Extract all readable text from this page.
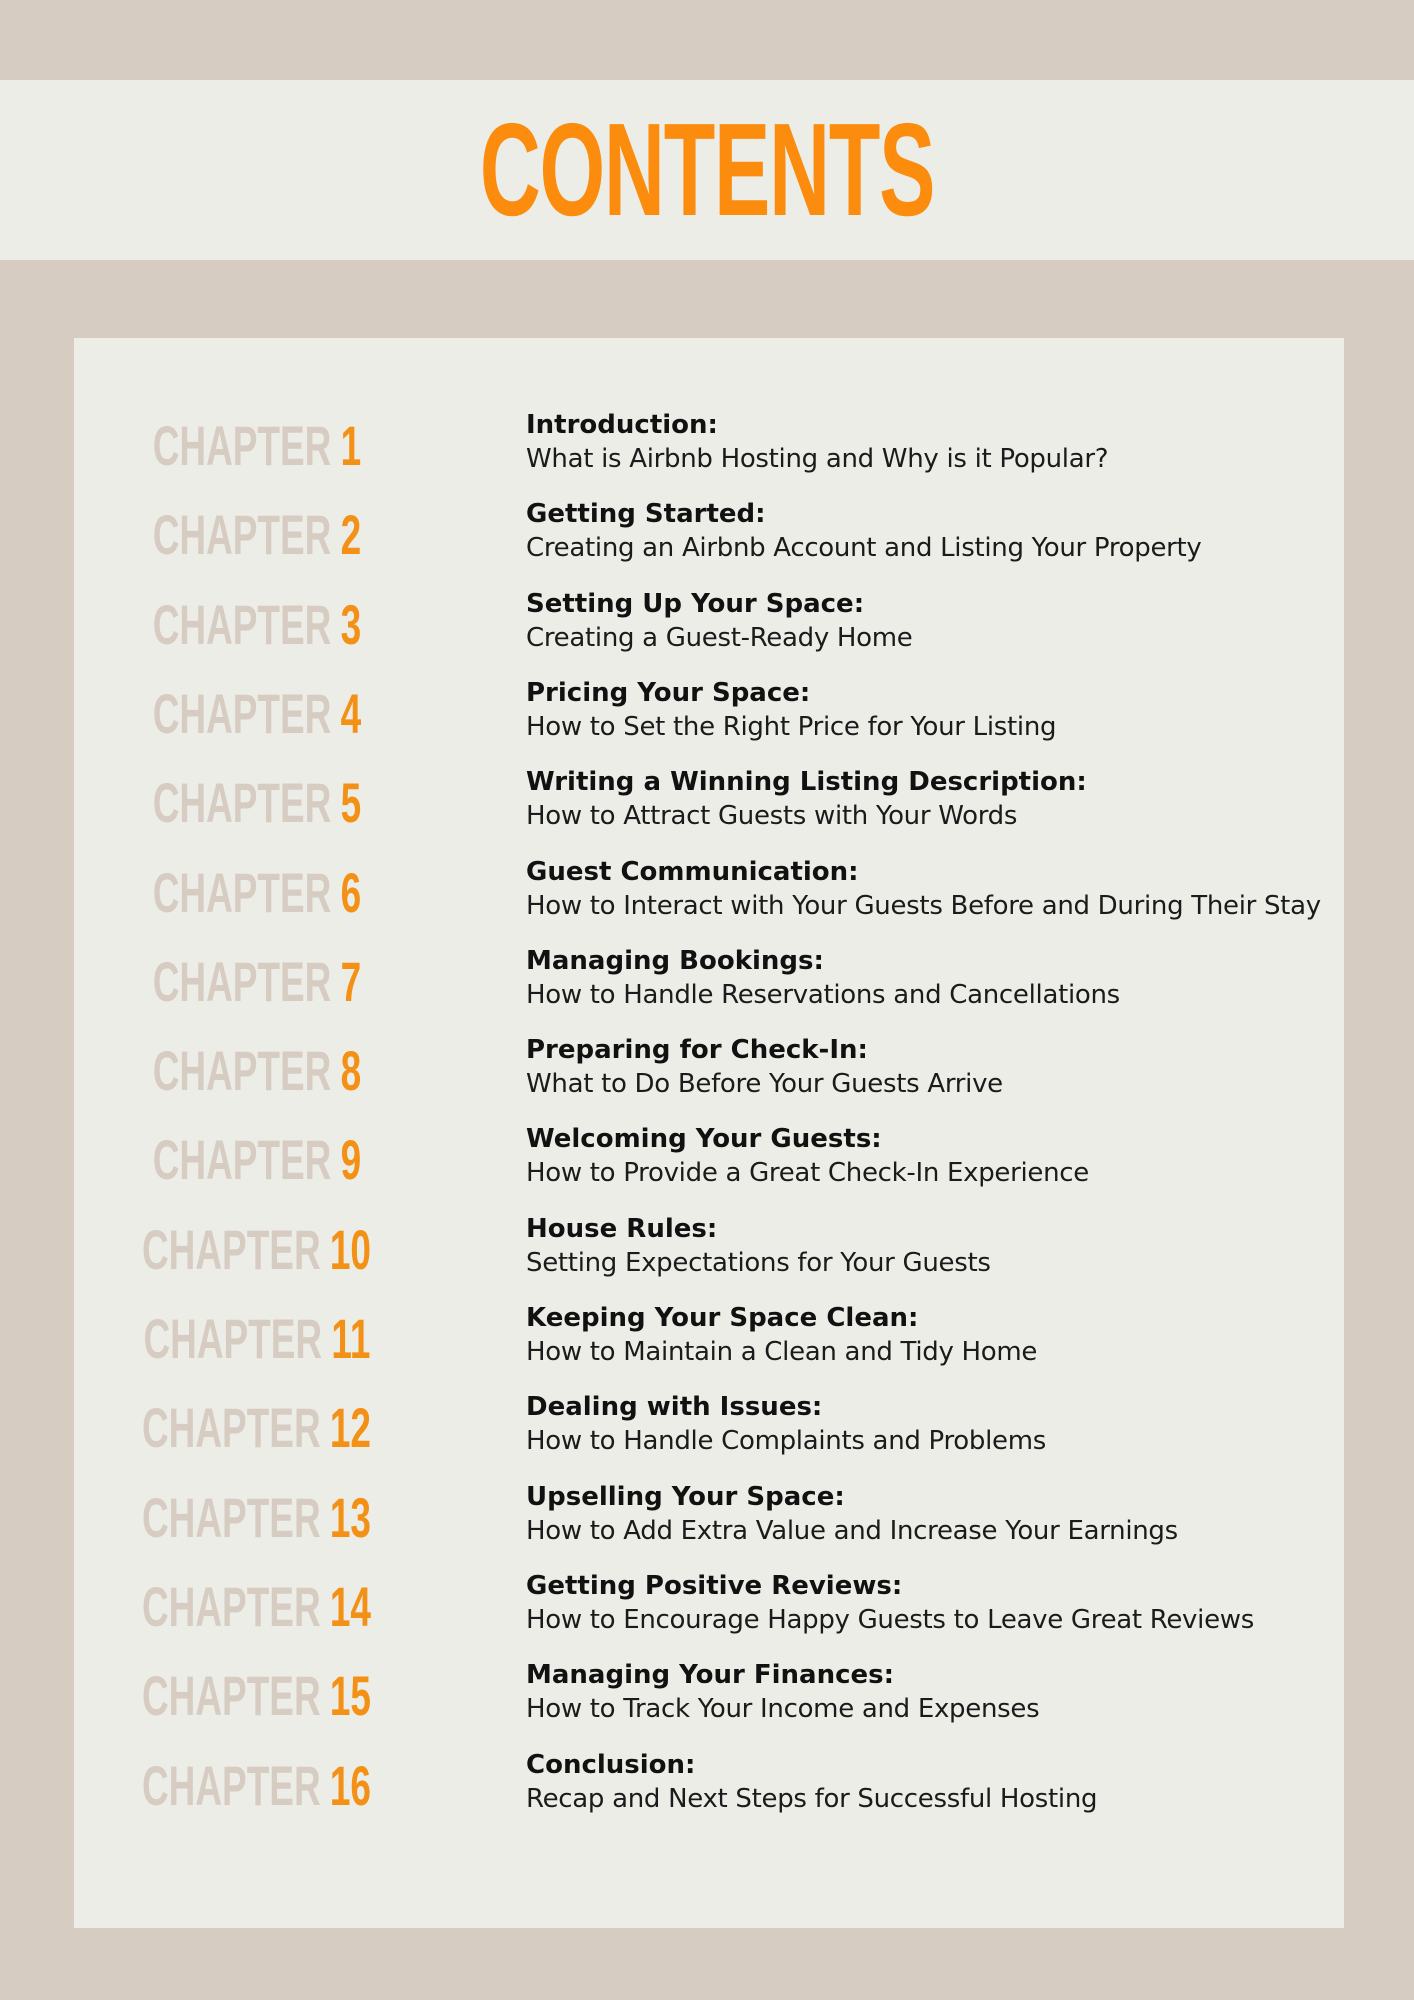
CONTENTS
CHAPTER 1	Introduction:
What is Airbnb Hosting and Why is it Popular?
CHAPTER 2	Getting Started:
Creating an Airbnb Account and Listing Your Property
CHAPTER 3	Setting Up Your Space:
Creating a Guest-Ready Home
CHAPTER 4	Pricing Your Space:
How to Set the Right Price for Your Listing
CHAPTER 5	Writing a Winning Listing Description:
How to Attract Guests with Your Words
CHAPTER 6	Guest Communication:
How to Interact with Your Guests Before and During Their Stay
CHAPTER 7	Managing Bookings:
How to Handle Reservations and Cancellations
CHAPTER 8	Preparing for Check-In:
What to Do Before Your Guests Arrive
CHAPTER 9	Welcoming Your Guests:
How to Provide a Great Check-In Experience
CHAPTER 10	House Rules:
Setting Expectations for Your Guests
CHAPTER 11	Keeping Your Space Clean:
How to Maintain a Clean and Tidy Home
CHAPTER 12	Dealing with Issues:
How to Handle Complaints and Problems
CHAPTER 13	Upselling Your Space:
How to Add Extra Value and Increase Your Earnings
CHAPTER 14	Getting Positive Reviews:
How to Encourage Happy Guests to Leave Great Reviews
CHAPTER 15	Managing Your Finances:
How to Track Your Income and Expenses
CHAPTER 16	Conclusion:
Recap and Next Steps for Successful Hosting
